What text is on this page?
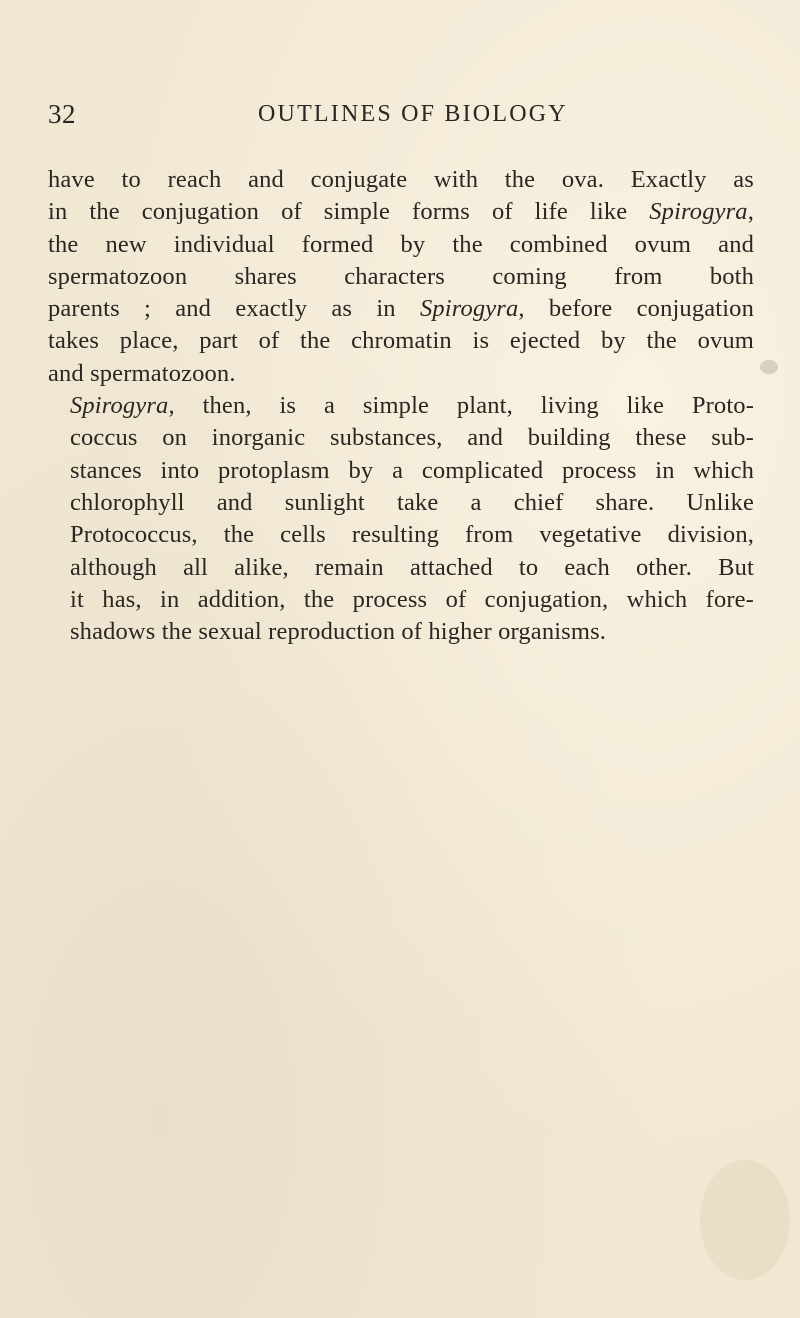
32	OUTLINES OF BIOLOGY
have to reach and conjugate with the ova. Exactly as
in the conjugation of simple forms of life like Spirogyra,
the new individual formed by the combined ovum and
spermatozoon shares characters coming from both
parents ; and exactly as in Spirogyra, before conjugation
takes place, part of the chromatin is ejected by the ovum
and spermatozoon.
Spirogyra, then, is a simple plant, living like Proto-
coccus on inorganic substances, and building these sub-
stances into protoplasm by a complicated process in which
chlorophyll and sunlight take a chief share. Unlike
Protococcus, the cells resulting from vegetative division,
although all alike, remain attached to each other. But
it has, in addition, the process of conjugation, which fore-
shadows the sexual reproduction of higher organisms.
